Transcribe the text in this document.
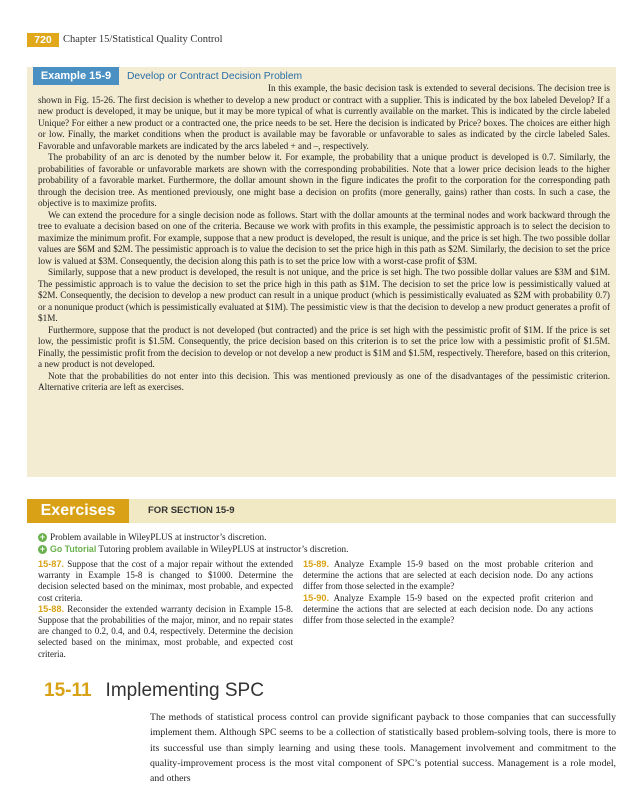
720	Chapter 15/Statistical Quality Control
Example 15-9	Develop or Contract Decision Problem

In this example, the basic decision task is extended to several decisions. The decision tree is shown in Fig. 15-26. The first decision is whether to develop a new product or contract with a supplier. This is indicated by the box labeled Develop? If a new product is developed, it may be unique, but it may be more typical of what is currently available on the market. This is indicated by the circle labeled Unique? For either a new product or a contracted one, the price needs to be set. Here the decision is indicated by Price? boxes. The choices are either high or low. Finally, the market conditions when the product is available may be favorable or unfavorable to sales as indicated by the circle labeled Sales. Favorable and unfavorable markets are indicated by the arcs labeled + and –, respectively.

The probability of an arc is denoted by the number below it. For example, the probability that a unique product is developed is 0.7. Similarly, the probabilities of favorable or unfavorable markets are shown with the corresponding probabilities. Note that a lower price decision leads to the higher probability of a favorable market. Furthermore, the dollar amount shown in the figure indicates the profit to the corporation for the corresponding path through the decision tree. As mentioned previously, one might base a decision on profits (more generally, gains) rather than costs. In such a case, the objective is to maximize profits.

We can extend the procedure for a single decision node as follows. Start with the dollar amounts at the terminal nodes and work backward through the tree to evaluate a decision based on one of the criteria. Because we work with profits in this example, the pessimistic approach is to select the decision to maximize the minimum profit. For example, suppose that a new product is developed, the result is unique, and the price is set high. The two possible dollar values are $6M and $2M. The pessimistic approach is to value the decision to set the price high in this path as $2M. Similarly, the decision to set the price low is valued at $3M. Consequently, the decision along this path is to set the price low with a worst-case profit of $3M.

Similarly, suppose that a new product is developed, the result is not unique, and the price is set high. The two possible dollar values are $3M and $1M. The pessimistic approach is to value the decision to set the price high in this path as $1M. The decision to set the price low is pessimistically valued at $2M. Consequently, the decision to develop a new product can result in a unique product (which is pessimistically evaluated as $2M with probability 0.7) or a nonunique product (which is pessimistically evaluated at $1M). The pessimistic view is that the decision to develop a new product generates a profit of $1M.

Furthermore, suppose that the product is not developed (but contracted) and the price is set high with the pessimistic profit of $1M. If the price is set low, the pessimistic profit is $1.5M. Consequently, the price decision based on this criterion is to set the price low with a pessimistic profit of $1.5M. Finally, the pessimistic profit from the decision to develop or not develop a new product is $1M and $1.5M, respectively. Therefore, based on this criterion, a new product is not developed.

Note that the probabilities do not enter into this decision. This was mentioned previously as one of the disadvantages of the pessimistic criterion. Alternative criteria are left as exercises.

Exercises	FOR SECTION 15-9
+ Problem available in WileyPLUS at instructor’s discretion.
+ Go Tutorial Tutoring problem available in WileyPLUS at instructor’s discretion.

15-87. Suppose that the cost of a major repair without the extended warranty in Example 15-8 is changed to $1000. Determine the decision selected based on the minimax, most probable, and expected cost criteria.

15-88. Reconsider the extended warranty decision in Example 15-8. Suppose that the probabilities of the major, minor, and no repair states are changed to 0.2, 0.4, and 0.4, respectively. Determine the decision selected based on the minimax, most probable, and expected cost criteria.

15-89. Analyze Example 15-9 based on the most probable criterion and determine the actions that are selected at each decision node. Do any actions differ from those selected in the example?

15-90. Analyze Example 15-9 based on the expected profit criterion and determine the actions that are selected at each decision node. Do any actions differ from those selected in the example?

15-11 Implementing SPC
The methods of statistical process control can provide significant payback to those companies that can successfully implement them. Although SPC seems to be a collection of statistically based problem-solving tools, there is more to its successful use than simply learning and using these tools. Management involvement and commitment to the quality-improvement process is the most vital component of SPC’s potential success. Management is a role model, and others
